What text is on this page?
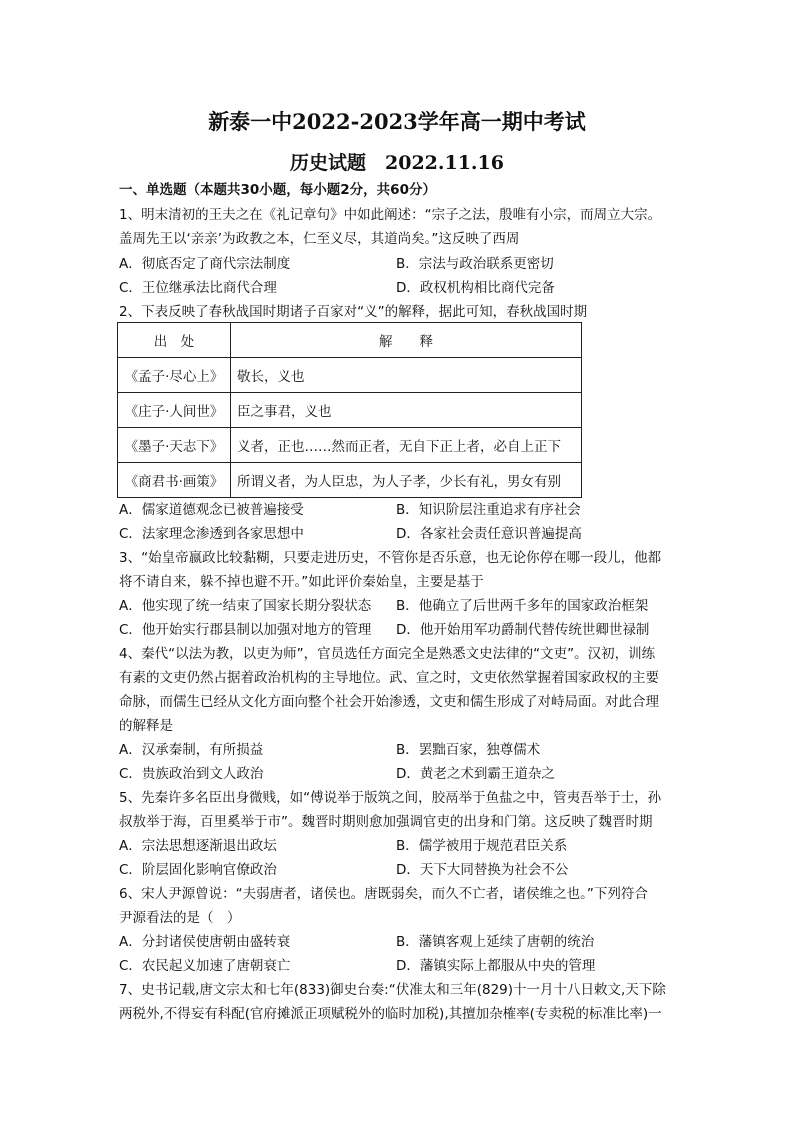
新泰一中2022-2023学年高一期中考试
历史试题　2022.11.16
一、单选题（本题共30小题，每小题2分，共60分）
1、明末清初的王夫之在《礼记章句》中如此阐述：“宗子之法，殷唯有小宗，而周立大宗。
盖周先王以‘亲亲’为政教之本，仁至义尽，其道尚矣。”这反映了西周
A．彻底否定了商代宗法制度	B．宗法与政治联系更密切
C．王位继承法比商代合理	D．政权机构相比商代完备
2、下表反映了春秋战国时期诸子百家对“义”的解释，据此可知，春秋战国时期
出　处	解　　释
《孟子·尽心上》	敬长，义也
《庄子·人间世》	臣之事君，义也
《墨子·天志下》	义者，正也……然而正者，无自下正上者，必自上正下
《商君书·画策》	所谓义者，为人臣忠，为人子孝，少长有礼，男女有别
A．儒家道德观念已被普遍接受	B．知识阶层注重追求有序社会
C．法家理念渗透到各家思想中	D．各家社会责任意识普遍提高
3、“始皇帝嬴政比较黏糊，只要走进历史，不管你是否乐意，也无论你停在哪一段儿，他都
将不请自来，躲不掉也避不开。”如此评价秦始皇，主要是基于
A．他实现了统一结束了国家长期分裂状态 B．他确立了后世两千多年的国家政治框架
C．他开始实行郡县制以加强对地方的管理 D．他开始用军功爵制代替传统世卿世禄制
4、秦代“以法为教，以吏为师”，官员选任方面完全是熟悉文史法律的“文吏”。汉初，训练
有素的文吏仍然占据着政治机构的主导地位。武、宣之时，文吏依然掌握着国家政权的主要
命脉，而儒生已经从文化方面向整个社会开始渗透，文吏和儒生形成了对峙局面。对此合理
的解释是
A．汉承秦制，有所损益	B．罢黜百家，独尊儒术
C．贵族政治到文人政治	D．黄老之术到霸王道杂之
5、先秦许多名臣出身微贱，如“傅说举于版筑之间，胶鬲举于鱼盐之中，管夷吾举于士，孙
叔敖举于海，百里奚举于市”。魏晋时期则愈加强调官吏的出身和门第。这反映了魏晋时期
A．宗法思想逐渐退出政坛	B．儒学被用于规范君臣关系
C．阶层固化影响官僚政治	D．天下大同替换为社会不公
6、宋人尹源曾说：“夫弱唐者，诸侯也。唐既弱矣，而久不亡者，诸侯维之也。”下列符合
尹源看法的是（　）
A．分封诸侯使唐朝由盛转衰	B．藩镇客观上延续了唐朝的统治
C．农民起义加速了唐朝衰亡	D．藩镇实际上都服从中央的管理
7、史书记载,唐文宗太和七年(833)御史台奏:“伏准太和三年(829)十一月十八日敕文,天下除
两税外,不得妄有科配(官府摊派正项赋税外的临时加税),其擅加杂榷率(专卖税的标准比率)一
